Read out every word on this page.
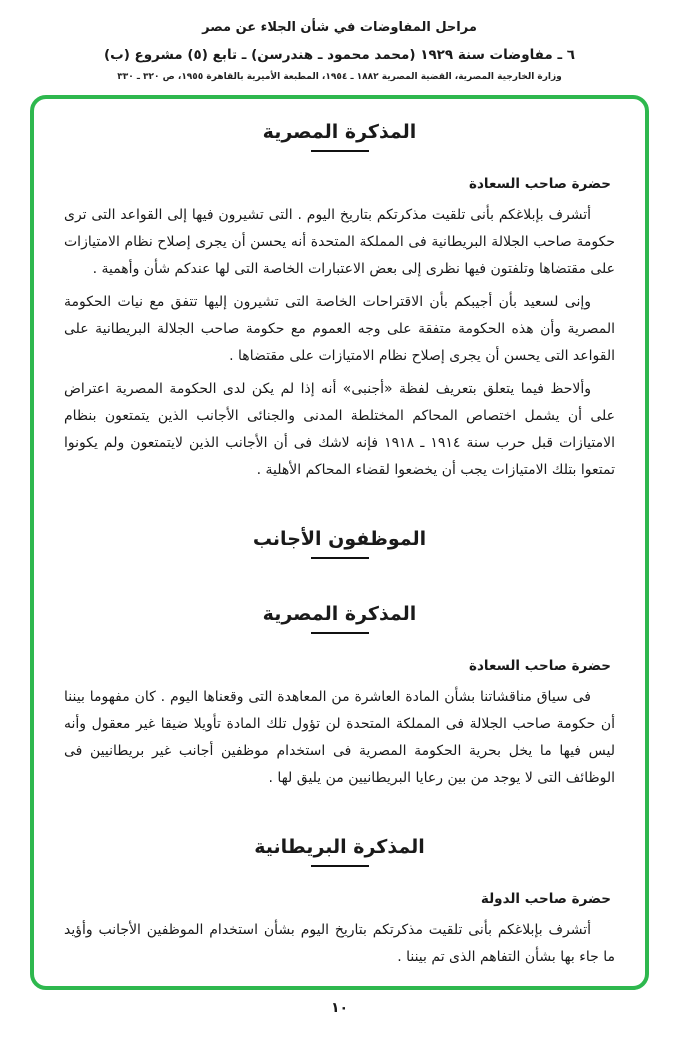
مراحل المفاوضات في شأن الجلاء عن مصر
٦ ـ مفاوضات سنة ١٩٢٩ (محمد محمود ـ هندرسن) ـ تابع (٥) مشروع (ب)
وزارة الخارجية المصرية، القضية المصرية ١٨٨٢ ـ ١٩٥٤، المطبعة الأميرية بالقاهرة ١٩٥٥، ص ٣٢٠ ـ ٣٣٠
المذكرة المصرية
حضرة صاحب السعادة

أتشرف بإبلاغكم بأنى تلقيت مذكرتكم بتاريخ اليوم . التى تشيرون فيها إلى القواعد التى ترى حكومة صاحب الجلالة البريطانية فى المملكة المتحدة أنه يحسن أن يجرى إصلاح نظام الامتيازات على مقتضاها وتلفتون فيها نظرى إلى بعض الاعتبارات الخاصة التى لها عندكم شأن وأهمية .

وإنى لسعيد بأن أجيبكم بأن الاقتراحات الخاصة التى تشيرون إليها تتفق مع نيات الحكومة المصرية وأن هذه الحكومة متفقة على وجه العموم مع حكومة صاحب الجلالة البريطانية على القواعد التى يحسن أن يجرى إصلاح نظام الامتيازات على مقتضاها .

وألاحظ فيما يتعلق بتعريف لفظة «أجنبى» أنه إذا لم يكن لدى الحكومة المصرية اعتراض على أن يشمل اختصاص المحاكم المختلطة المدنى والجنائى الأجانب الذين يتمتعون بنظام الامتيازات قبل حرب سنة ١٩١٤ ـ ١٩١٨ فإنه لاشك فى أن الأجانب الذين لايتمتعون ولم يكونوا تمتعوا بتلك الامتيازات يجب أن يخضعوا لقضاء المحاكم الأهلية .

الموظفون الأجانب
المذكرة المصرية
حضرة صاحب السعادة

فى سياق مناقشاتنا بشأن المادة العاشرة من المعاهدة التى وقعناها اليوم . كان مفهوما بيننا أن حكومة صاحب الجلالة فى المملكة المتحدة لن تؤول تلك المادة تأويلا ضيقا غير معقول وأنه ليس فيها ما يخل بحرية الحكومة المصرية فى استخدام موظفين أجانب غير بريطانيين فى الوظائف التى لا يوجد من بين رعايا البريطانيين من يليق لها .

المذكرة البريطانية
حضرة صاحب الدولة

أتشرف بإبلاغكم بأنى تلقيت مذكرتكم بتاريخ اليوم بشأن استخدام الموظفين الأجانب وأؤيد ما جاء بها بشأن التفاهم الذى تم بيننا .

١٠
